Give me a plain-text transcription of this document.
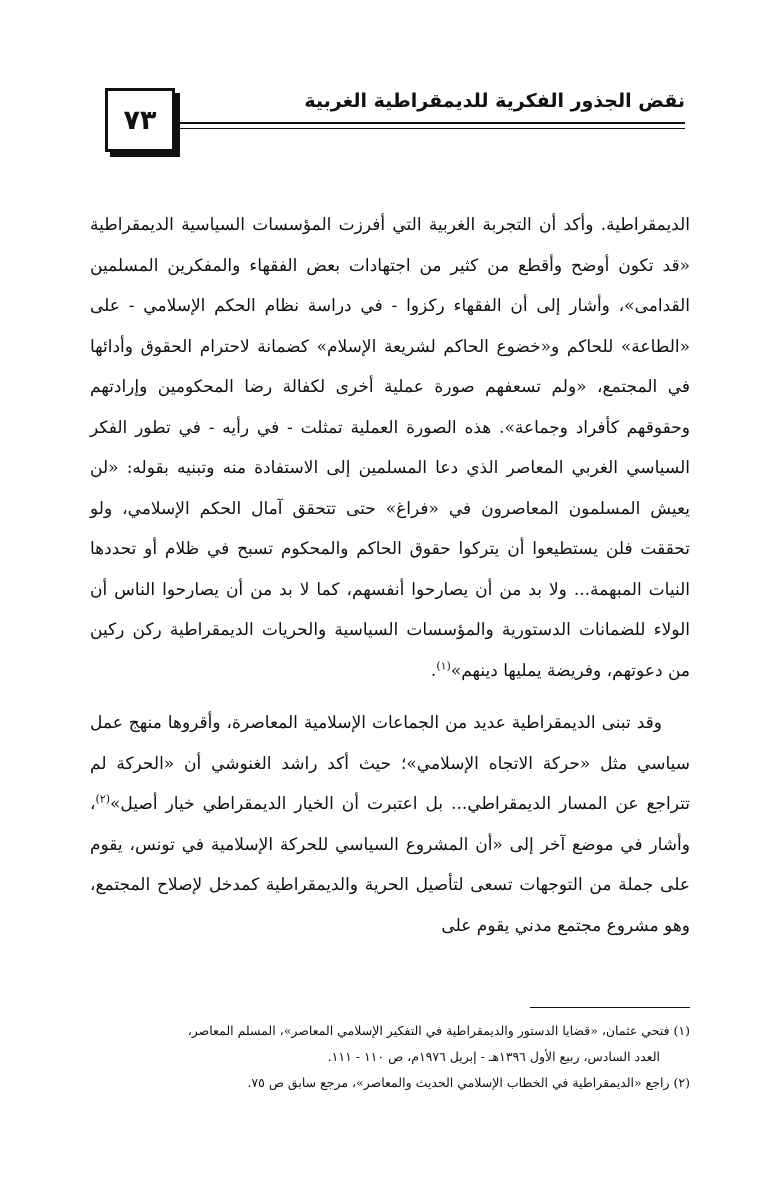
٧٣
نقض الجذور الفكرية للديمقراطية الغربية

الديمقراطية. وأكد أن التجربة الغربية التي أفرزت المؤسسات السياسية الديمقراطية «قد تكون أوضح وأقطع من كثير من اجتهادات بعض الفقهاء والمفكرين المسلمين القدامى»، وأشار إلى أن الفقهاء ركزوا - في دراسة نظام الحكم الإسلامي - على «الطاعة» للحاكم و«خضوع الحاكم لشريعة الإسلام» كضمانة لاحترام الحقوق وأدائها في المجتمع، «ولم تسعفهم صورة عملية أخرى لكفالة رضا المحكومين وإرادتهم وحقوقهم كأفراد وجماعة». هذه الصورة العملية تمثلت - في رأيه - في تطور الفكر السياسي الغربي المعاصر الذي دعا المسلمين إلى الاستفادة منه وتبنيه بقوله: «لن يعيش المسلمون المعاصرون في «فراغ» حتى تتحقق آمال الحكم الإسلامي، ولو تحققت فلن يستطيعوا أن يتركوا حقوق الحاكم والمحكوم تسبح في ظلام أو تحددها النيات المبهمة... ولا بد من أن يصارحوا أنفسهم، كما لا بد من أن يصارحوا الناس أن الولاء للضمانات الدستورية والمؤسسات السياسية والحريات الديمقراطية ركن ركين من دعوتهم، وفريضة يمليها دينهم»$^{(١)}$.

وقد تبنى الديمقراطية عديد من الجماعات الإسلامية المعاصرة، وأقروها منهج عمل سياسي مثل «حركة الاتجاه الإسلامي»؛ حيث أكد راشد الغنوشي أن «الحركة لم تتراجع عن المسار الديمقراطي... بل اعتبرت أن الخيار الديمقراطي خيار أصيل»$^{(٢)}$، وأشار في موضع آخر إلى «أن المشروع السياسي للحركة الإسلامية في تونس، يقوم على جملة من التوجهات تسعى لتأصيل الحرية والديمقراطية كمدخل لإصلاح المجتمع، وهو مشروع مجتمع مدني يقوم على

(١) فتحي عثمان، «قضايا الدستور والديمقراطية في التفكير الإسلامي المعاصر»، المسلم المعاصر،

العدد السادس، ربيع الأول ١٣٩٦هـ - إبريل ١٩٧٦م، ص ١١٠ - ١١١.

(٢) راجع «الديمقراطية في الخطاب الإسلامي الحديث والمعاصر»، مرجع سابق ص ٧٥.
